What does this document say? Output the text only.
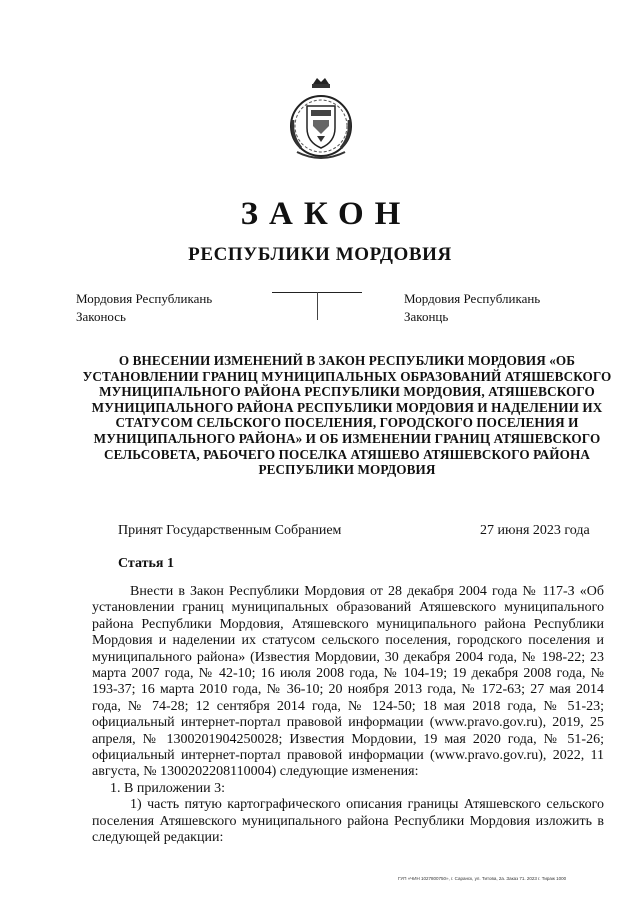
ЗАКОН
РЕСПУБЛИКИ МОРДОВИЯ
Мордовия Республикань
Законось
Мордовия Республикань
Законць
О ВНЕСЕНИИ ИЗМЕНЕНИЙ В ЗАКОН РЕСПУБЛИКИ МОРДОВИЯ «ОБ УСТАНОВЛЕНИИ ГРАНИЦ МУНИЦИПАЛЬНЫХ ОБРАЗОВАНИЙ АТЯШЕВСКОГО МУНИЦИПАЛЬНОГО РАЙОНА РЕСПУБЛИКИ МОРДОВИЯ, АТЯШЕВСКОГО МУНИЦИПАЛЬНОГО РАЙОНА РЕСПУБЛИКИ МОРДОВИЯ И НАДЕЛЕНИИ ИХ СТАТУСОМ СЕЛЬСКОГО ПОСЕЛЕНИЯ, ГОРОДСКОГО ПОСЕЛЕНИЯ И МУНИЦИПАЛЬНОГО РАЙОНА» И ОБ ИЗМЕНЕНИИ ГРАНИЦ АТЯШЕВСКОГО СЕЛЬСОВЕТА, РАБОЧЕГО ПОСЕЛКА АТЯШЕВО АТЯШЕВСКОГО РАЙОНА РЕСПУБЛИКИ МОРДОВИЯ
Принят Государственным Собранием	27 июня 2023 года
Статья 1

Внести в Закон Республики Мордовия от 28 декабря 2004 года № 117-З «Об установлении границ муниципальных образований Атяшевского муниципального района Республики Мордовия, Атяшевского муниципального района Республики Мордовия и наделении их статусом сельского поселения, городского поселения и муниципального района» (Известия Мордовии, 30 декабря 2004 года, № 198-22; 23 марта 2007 года, № 42-10; 16 июля 2008 года, № 104-19; 19 декабря 2008 года, № 193-37; 16 марта 2010 года, № 36-10; 20 ноября 2013 года, № 172-63; 27 мая 2014 года, № 74-28; 12 сентября 2014 года, № 124-50; 18 мая 2018 года, № 51-23; официальный интернет-портал правовой информации (www.pravo.gov.ru), 2019, 25 апреля, № 1300201904250028; Известия Мордовии, 19 мая 2020 года, № 51-26; официальный интернет-портал правовой информации (www.pravo.gov.ru), 2022, 11 августа, № 1300202208110004) следующие изменения:

1. В приложении 3:

1) часть пятую картографического описания границы Атяшевского сельского поселения Атяшевского муниципального района Республики Мордовия изложить в следующей редакции:

ГУП «ЧИН 1027800750», г. Саранск, ул. Титова, 2а. Заказ 71. 2023 г. Тираж 1000
